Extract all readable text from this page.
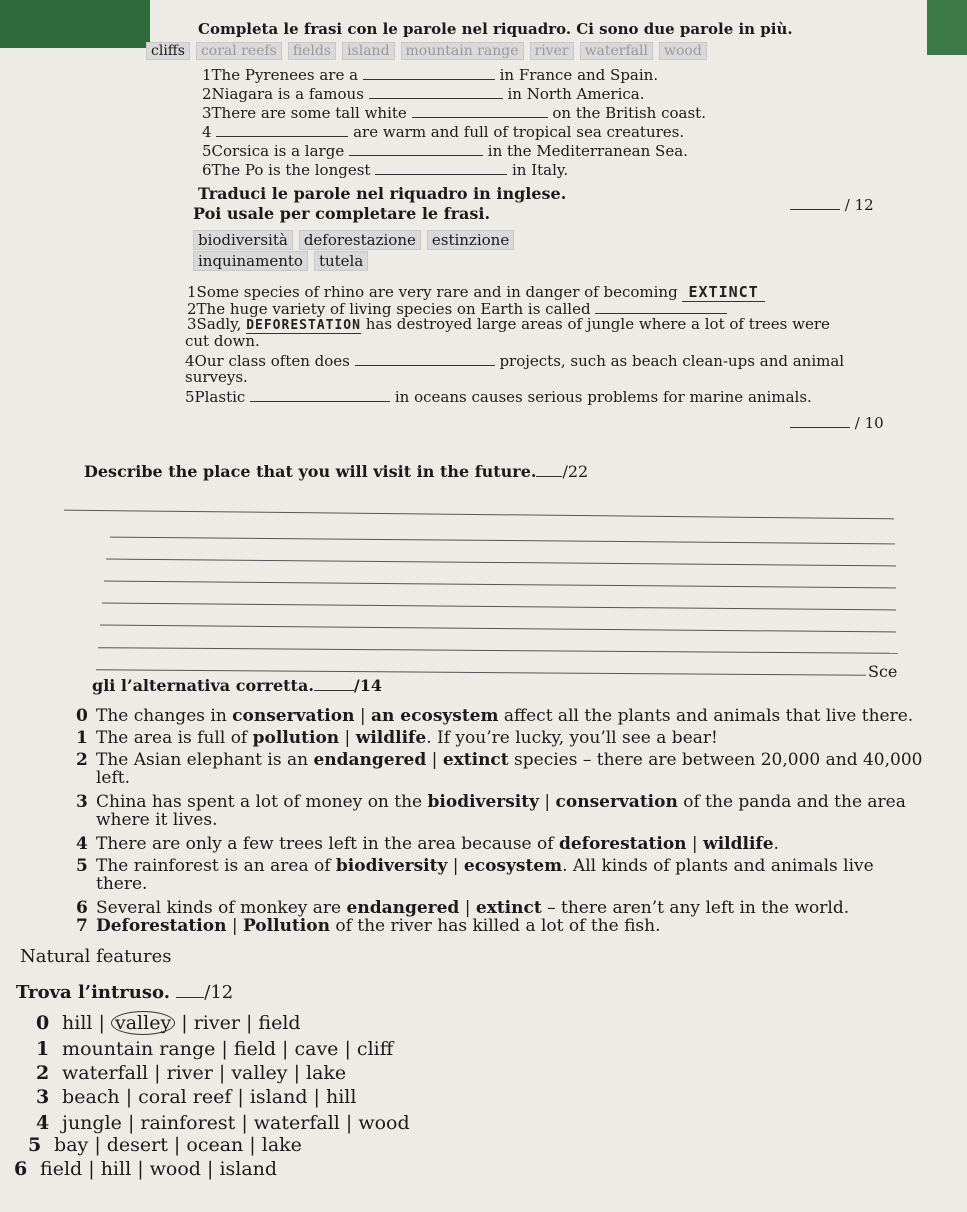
Completa le frasi con le parole nel riquadro. Ci sono due parole in più.
cliffs	coral reefs	fields	island	mountain range	river	waterfall	wood
1The Pyrenees are a	in France and Spain.
2Niagara is a famous	in North America.
3There are some tall white	on the British coast.
4	are warm and full of tropical sea creatures.
5Corsica is a large	in the Mediterranean Sea.
6The Po is the longest	in Italy.
/ 12
Traduci le parole nel riquadro in inglese.
Poi usale per completare le frasi.
biodiversità	deforestazione	estinzione
inquinamento	tutela
1Some species of rhino are very rare and in danger of becoming EXTINCT
2The huge variety of living species on Earth is called
3Sadly, DEFORESTATION has destroyed large areas of jungle where a lot of trees were
cut down.
4Our class often does	projects, such as beach clean-ups and animal
surveys.
5Plastic	in oceans causes serious problems for marine animals.
/ 10
Describe the place that you will visit in the future. /22
Sce
gli l’alternativa corretta.	/14
0 The changes in conservation | an ecosystem affect all the plants and animals that live there.
1 The area is full of pollution | wildlife. If you’re lucky, you’ll see a bear!
2 The Asian elephant is an endangered | extinct species – there are between 20,000 and 40,000
left.
3 China has spent a lot of money on the biodiversity | conservation of the panda and the area
where it lives.
4 There are only a few trees left in the area because of deforestation | wildlife.
5 The rainforest is an area of biodiversity | ecosystem. All kinds of plants and animals live
there.
6 Several kinds of monkey are endangered | extinct – there aren’t any left in the world.
7 Deforestation | Pollution of the river has killed a lot of the fish.
Natural features
Trova l’intruso. /12
0 hill | valley | river | field
1 mountain range | field | cave | cliff
2 waterfall | river | valley | lake
3 beach | coral reef | island | hill
4 jungle | rainforest | waterfall | wood
5 bay | desert | ocean | lake
6 field | hill | wood | island
